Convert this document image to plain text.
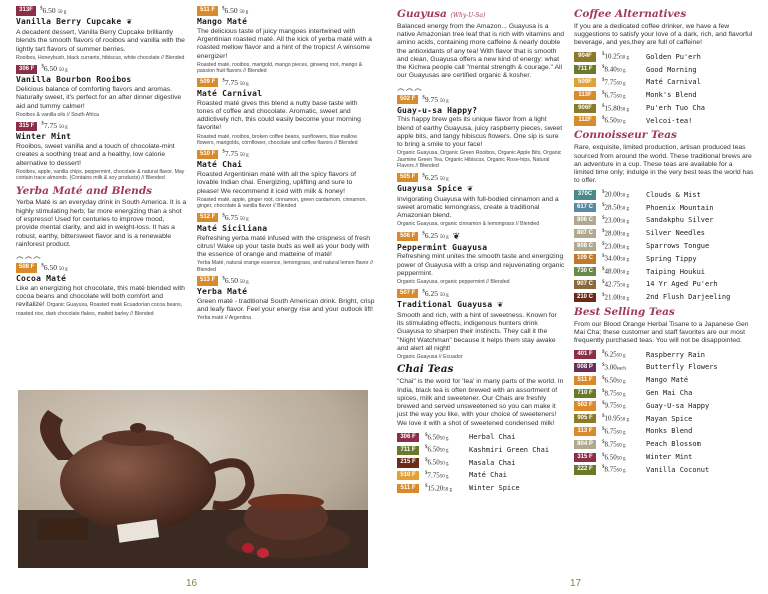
313F	$6.50 50 g
Vanilla Berry Cupcake ❦
A decadent dessert, Vanilla Berry Cupcake brilliantly blends the smooth flavors of rooibos and vanilla with the lightly tart flavors of summer berries.
Rooibos, Honeybush, black currants, hibiscus, white chocolate // Blended
306 F	$6.50 50 g
Vanilla Bourbon Rooibos
Delicious balance of comforting flavors and aromas. Naturally sweet, it's perfect for an after dinner digestive aid and tummy calmer!
Rooibos & vanilla oils // South Africa
315 F	$7.75 50 g
Winter Mint
Rooibos, sweet vanilla and a touch of chocolate-mint creates a soothing treat and a healthy, low calorie alternative to dessert!
Rooibos, apple, vanilla chips, peppermint, chocolate & natural flavor. May contain trace almonds. (Contains milk & soy products) // Blended
Yerba Maté and Blends
Yerba Maté is an everyday drink in South America. It is a highly stimulating herb; far more energizing than a shot of espresso! Used for centuries to improve mood, provide mental clarity, and aid in weight-loss. It has a robust, earthy, bittersweet flavor and is a renewable rainforest product.
෴෴෴
508 F	$6.50 50 g
Cocoa Maté
Like an energizing hot chocolate, this maté blended with cocoa beans and chocolate will both comfort and revitalize! Organic Guayusa, Roasted maté Ecuadorian cocoa beans, roasted rice, dark chocolate flakes, malted barley // Blended
511 F	$6.50 50 g
Mango Maté
The delicious taste of juicy mangoes intertwined with Argentinian roasted maté. All the kick of yerba maté with a roasted mellow flavor and a hint of the tropics! A winsome energizer!
Roasted maté, rooibos, marigold, mango pieces, ginseng root, mango & passion fruit flavors // Blended
509 F	$7.75 50 g
Maté Carnival
Roasted maté gives this blend a nutty base taste with tones of coffee and chocolate. Aromatic, sweet and addictively rich, this could easily become your morning favorite!
Roasted maté, rooibos, broken coffee beans, sunflowers, blue mallow flowers, marigolds, cornflower, chocolate and coffee flavors // Blended
510 F	$7.75 50 g
Maté Chai
Roasted Argentinian maté with all the spicy flavors of lovable Indian chai. Energizing, uplifting and sure to please! We recommend it iced with milk & honey!
Roasted maté, apple, ginger root, cinnamon, green cardamom, cinnamon, ginger, chocolate & vanilla flavor // Blended
512 F	$6.75 50 g
Maté Siciliana
Refreshing yerba maté infused with the crispness of fresh citrus! Wake up your taste buds as well as your body with the essence of orange and matteine of maté!
Yerba Maté, natural orange essence, lemongrass, and natural lemon flavor // Blended
513 F	$6.50 50 g
Yerba Maté
Green maté - traditional South American drink. Bright, crisp and leafy flavor. Feel your energy rise and your outlook lift!
Yerba maté // Argentina
Guayusa (Why-U-Sa)
Balanced energy from the Amazon... Guayusa is a native Amazonian tree leaf that is rich with vitamins and amino acids, containing more caffeine & nearly double the antioxidants of any tea! With flavor that is smooth and clean, Guayusa offers a new kind of energy: what the Kichwa people call "mental strength & courage." All our Guayusas are certified organic & kosher.
෴෴෴
502 F	$9.75 50 g
Guay-u-sa Happy?
This happy brew gets its unique flavor from a light blend of earthy Guayusa, juicy raspberry pieces, sweet apple bits, and tangy hibiscus flowers. One sip is sure to bring a smile to your face!
Organic Guayusa, Organic Green Rooibos, Organic Apple Bits, Organic Jasmine Green Tea, Organic Hibiscus, Organic Rose-hips, Natural Flavors // Blended
505 F	$6.25 50 g
Guayusa Spice ❦
Invigorating Guayusa with full-bodied cinnamon and a sweet aromatic lemongrass, create a traditional Amazonian blend.
Organic Guayusa, organic cinnamon & lemongrass // Blended
506 F	$6.25 50 g ❦
Peppermint Guayusa
Refreshing mint unites the smooth taste and energizing power of Guayusa with a crisp and rejuvenating organic peppermint.
Organic Guayusa, organic peppermint // Blended
507 F	$6.25 50 g
Traditional Guayusa ❦
Smooth and rich, with a hint of sweetness. Known for its stimulating effects, indigenous hunters drink Guayusa to sharpen their instincts. They call it the "Night Watchman" because it helps them stay awake and alert all night!
Organic Guayusa // Ecuador
Chai Teas
"Chai" is the word for 'tea' in many parts of the world. In India, black tea is often brewed with an assortment of spices, milk and sweetener. Our Chais are freshly brewed and served unsweetened so you can make it just the way you like, with your choice of sweeteners! We love it with a shot of sweetened condensed milk!
306 F	$6.5050 g	Herbal Chai
711 F	$6.5050 g	Kashmiri Green Chai
215 F	$6.5050 g	Masala Chai
510 F	$7.7550 g	Maté Chai
511 F	$15.2050 g	Winter Spice
Coffee Alternatives
If you are a dedicated coffee drinker, we have a few suggestions to satisfy your love of a dark, rich, and flavorful beverage, and yes,they are full of caffeine!
904F	$10.2550 g	Golden Pu'erh
711 F	$8.4050 g	Good Morning
509F	$7.7550 g	Maté Carnival
113F	$6.7550 g	Monk's Blend
906F	$15.8050 g	Pu'erh Tuo Cha
112F	$6.5050 g	Velcoi-tea!
Connoisseur Teas
Rare, exquisite, limited production, artisan produced teas sourced from around the world. These traditional brews are an adventure in a cup. These teas are available for a limited time only; indulge in the very best teas the world has to offer.
370C	$20.0050 g	Clouds & Mist
617 C	$28.5050 g	Phoenix Mountain
806 C	$23.0050 g	Sandakphu Silver
807 C	$28.0050 g	Silver Needles
808 C	$23.0050 g	Sparrows Tongue
109 C	$34.0050 g	Spring Tippy
730 C	$48.0050 g	Taiping Houkui
907 C	$42.7550 g	14 Yr Aged Pu'erh
210 C	$21.0050 g	2nd Flush Darjeeling
Best Selling Teas
From our Blood Orange Herbal Tisane to a Japanese Gen Mai Cha; these customer and staff favorites are our most frequently purchased teas. You will not be disappointed.
401 F	$6.2550 g	Raspberry Rain
008 P	$3.00each	Butterfly Flowers
511 F	$6.5050 g	Mango Maté
710 F	$8.7550 g	Gen Mai Cha
502 F	$9.7550 g	Guay-U-sa Happy
905 F	$10.9550 g	Mayan Spice
113 F	$6.7550 g	Monks Blend
804 P	$8.7550 g	Peach Blossom
315 F	$6.5050 g	Winter Mint
222 F	$8.7550 g	Vanilla Coconut
16	17
